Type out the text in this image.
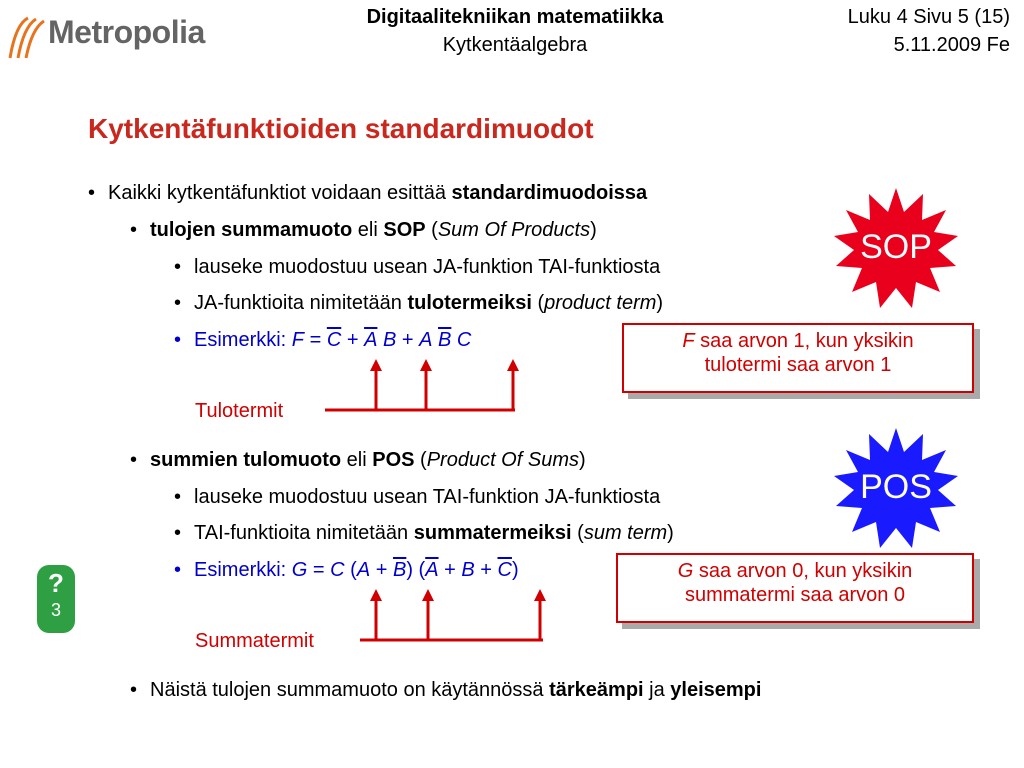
Metropolia	Digitaalitekniikan matematiikka
Kytkentäalgebra
Luku 4 Sivu 5 (15)
5.11.2009 Fe
Kytkentäfunktioiden standardimuodot
• Kaikki kytkentäfunktiot voidaan esittää standardimuodoissa
• tulojen summamuoto eli SOP (Sum Of Products)
• lauseke muodostuu usean JA-funktion TAI-funktiosta
• JA-funktioita nimitetään tulotermeiksi (product term)
• Esimerkki: $F = \overline{C} + \overline{A}$ B + A $\overline{B}$ C
Tulotermit
F saa arvon 1, kun yksikin
tulotermi saa arvon 1
SOP
• summien tulomuoto eli POS (Product Of Sums)
• lauseke muodostuu usean TAI-funktion JA-funktiosta
• TAI-funktioita nimitetään summatermeiksi (sum term)
• Esimerkki: G = C $(A + \overline{B})$ $(\overline{A} + B + \overline{C})$
Summatermit
G saa arvon 0, kun yksikin
summatermi saa arvon 0
POS
?
3
• Näistä tulojen summamuoto on käytännössä tärkeämpi ja yleisempi
